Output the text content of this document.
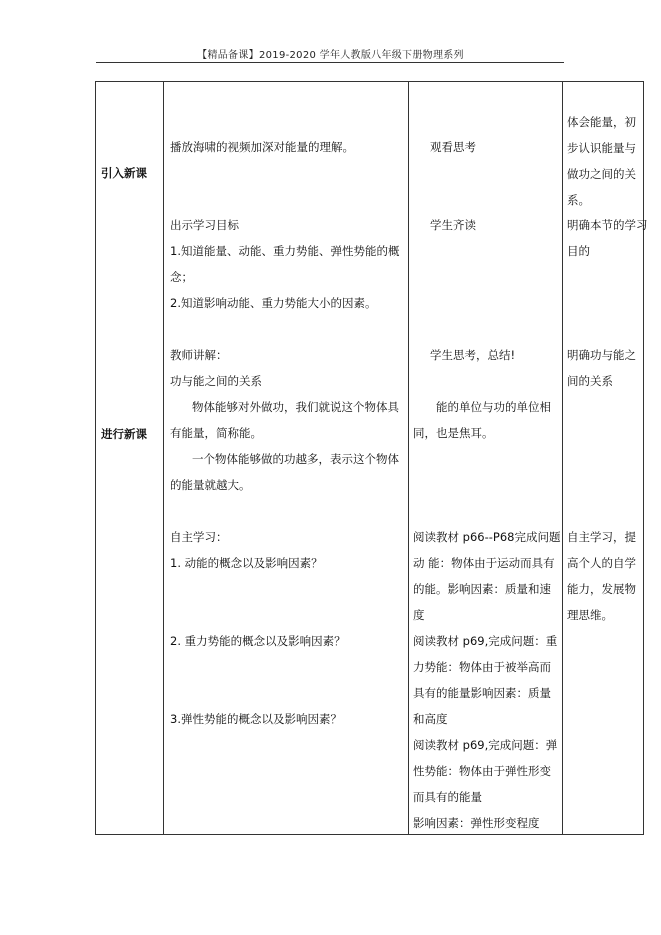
【精品备课】2019-2020 学年人教版八年级下册物理系列
引入新课
进行新课
播放海啸的视频加深对能量的理解。	观看思考
体会能量，初
步认识能量与
做功之间的关
系。
出示学习目标
1.知道能量、动能、重力势能、弹性势能的概
念；
2.知道影响动能、重力势能大小的因素。
学生齐读	明确本节的学习
目的
教师讲解：
功与能之间的关系
物体能够对外做功，我们就说这个物体具
有能量，简称能。
一个物体能够做的功越多，表示这个物体
的能量就越大。
学生思考，总结!
能的单位与功的单位相
同，也是焦耳。
明确功与能之
间的关系
自主学习：
1. 动能的概念以及影响因素？
2. 重力势能的概念以及影响因素？
3.弹性势能的概念以及影响因素？
阅读教材 p66--P68完成问题
动 能：物体由于运动而具有
的能。影响因素：质量和速
度
阅读教材 p69,完成问题：重
力势能：物体由于被举高而
具有的能量影响因素：质量
和高度
阅读教材 p69,完成问题：弹
性势能：物体由于弹性形变
而具有的能量
影响因素：弹性形变程度
自主学习，提
高个人的自学
能力，发展物
理思维。
